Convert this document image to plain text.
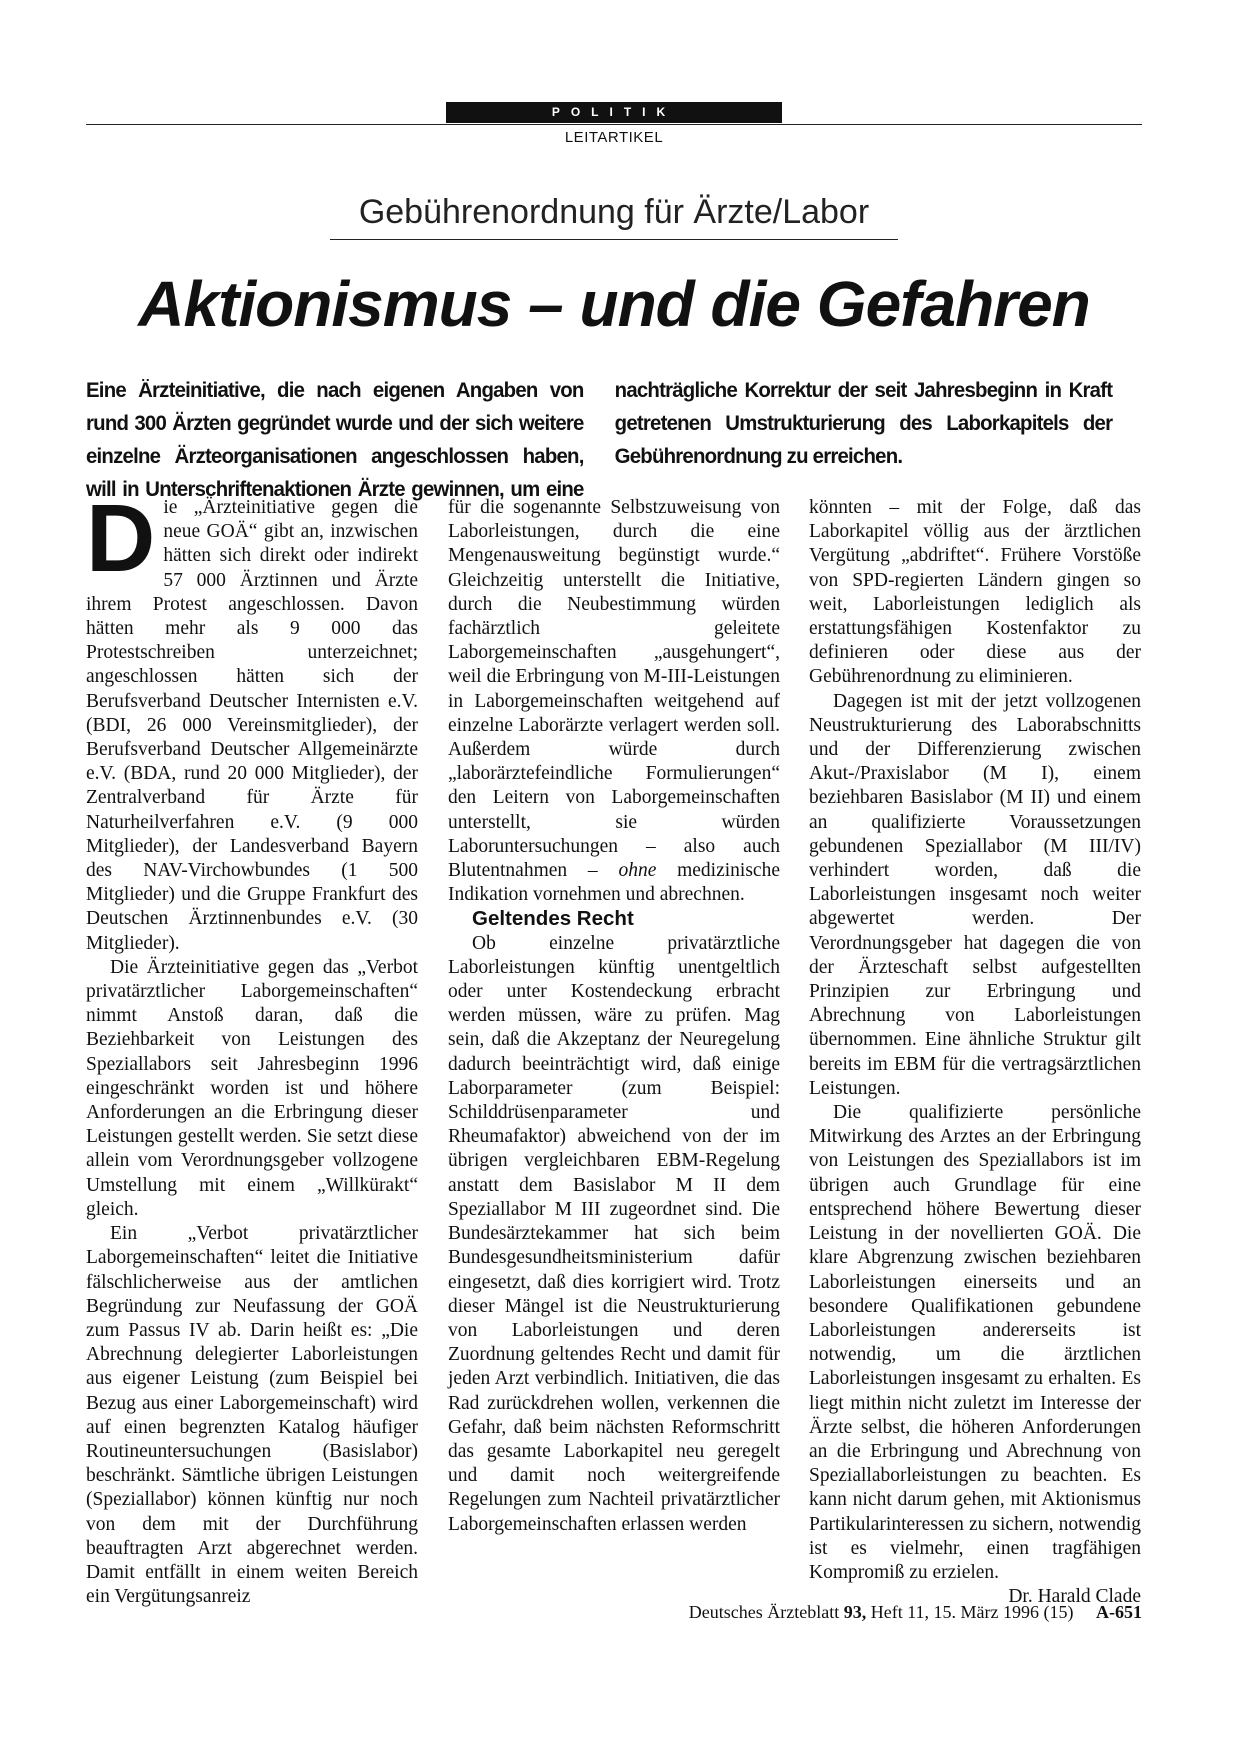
POLITIK
LEITARTIKEL
Gebührenordnung für Ärzte/Labor
Aktionismus – und die Gefahren
Eine Ärzteinitiative, die nach eigenen Angaben von rund 300 Ärzten gegründet wurde und der sich weitere einzelne Ärzteorganisationen angeschlossen haben, will in Unterschriftenaktionen Ärzte gewinnen, um eine nachträgliche Korrektur der seit Jahresbeginn in Kraft getretenen Umstrukturierung des Laborkapitels der Gebührenordnung zu erreichen.

Die „Ärzteinitiative gegen die neue GOÄ“ gibt an, inzwischen hätten sich direkt oder indirekt 57 000 Ärztinnen und Ärzte ihrem Protest angeschlossen. Davon hätten mehr als 9 000 das Protestschreiben unterzeichnet; angeschlossen hätten sich der Berufsverband Deutscher Internisten e.V. (BDI, 26 000 Vereinsmitglieder), der Berufsverband Deutscher Allgemeinärzte e.V. (BDA, rund 20 000 Mitglieder), der Zentralverband für Ärzte für Naturheilverfahren e.V. (9 000 Mitglieder), der Landesverband Bayern des NAV-Virchowbundes (1 500 Mitglieder) und die Gruppe Frankfurt des Deutschen Ärztinnenbundes e.V. (30 Mitglieder).

Die Ärzteinitiative gegen das „Verbot privatärztlicher Laborgemeinschaften“ nimmt Anstoß daran, daß die Beziehbarkeit von Leistungen des Speziallabors seit Jahresbeginn 1996 eingeschränkt worden ist und höhere Anforderungen an die Erbringung dieser Leistungen gestellt werden. Sie setzt diese allein vom Verordnungsgeber vollzogene Umstellung mit einem „Willkürakt“ gleich.

Ein „Verbot privatärztlicher Laborgemeinschaften“ leitet die Initiative fälschlicherweise aus der amtlichen Begründung zur Neufassung der GOÄ zum Passus IV ab. Darin heißt es: „Die Abrechnung delegierter Laborleistungen aus eigener Leistung (zum Beispiel bei Bezug aus einer Laborgemeinschaft) wird auf einen begrenzten Katalog häufiger Routineuntersuchungen (Basislabor) beschränkt. Sämtliche übrigen Leistungen (Speziallabor) können künftig nur noch von dem mit der Durchführung beauftragten Arzt abgerechnet werden. Damit entfällt in einem weiten Bereich ein Vergütungsanreiz

für die sogenannte Selbstzuweisung von Laborleistungen, durch die eine Mengenausweitung begünstigt wurde.“ Gleichzeitig unterstellt die Initiative, durch die Neubestimmung würden fachärztlich geleitete Laborgemeinschaften „ausgehungert“, weil die Erbringung von M-III-Leistungen in Laborgemeinschaften weitgehend auf einzelne Laborärzte verlagert werden soll. Außerdem würde durch „laborärztefeindliche Formulierungen“ den Leitern von Laborgemeinschaften unterstellt, sie würden Laboruntersuchungen – also auch Blutentnahmen – ohne medizinische Indikation vornehmen und abrechnen.

Geltendes Recht

Ob einzelne privatärztliche Laborleistungen künftig unentgeltlich oder unter Kostendeckung erbracht werden müssen, wäre zu prüfen. Mag sein, daß die Akzeptanz der Neuregelung dadurch beeinträchtigt wird, daß einige Laborparameter (zum Beispiel: Schilddrüsenparameter und Rheumafaktor) abweichend von der im übrigen vergleichbaren EBM-Regelung anstatt dem Basislabor M II dem Speziallabor M III zugeordnet sind. Die Bundesärztekammer hat sich beim Bundesgesundheitsministerium dafür eingesetzt, daß dies korrigiert wird. Trotz dieser Mängel ist die Neustrukturierung von Laborleistungen und deren Zuordnung geltendes Recht und damit für jeden Arzt verbindlich. Initiativen, die das Rad zurückdrehen wollen, verkennen die Gefahr, daß beim nächsten Reformschritt das gesamte Laborkapitel neu geregelt und damit noch weitergreifende Regelungen zum Nachteil privatärztlicher Laborgemeinschaften erlassen werden

könnten – mit der Folge, daß das Laborkapitel völlig aus der ärztlichen Vergütung „abdriftet“. Frühere Vorstöße von SPD-regierten Ländern gingen so weit, Laborleistungen lediglich als erstattungsfähigen Kostenfaktor zu definieren oder diese aus der Gebührenordnung zu eliminieren.

Dagegen ist mit der jetzt vollzogenen Neustrukturierung des Laborabschnitts und der Differenzierung zwischen Akut-/Praxislabor (M I), einem beziehbaren Basislabor (M II) und einem an qualifizierte Voraussetzungen gebundenen Speziallabor (M III/IV) verhindert worden, daß die Laborleistungen insgesamt noch weiter abgewertet werden. Der Verordnungsgeber hat dagegen die von der Ärzteschaft selbst aufgestellten Prinzipien zur Erbringung und Abrechnung von Laborleistungen übernommen. Eine ähnliche Struktur gilt bereits im EBM für die vertragsärztlichen Leistungen.

Die qualifizierte persönliche Mitwirkung des Arztes an der Erbringung von Leistungen des Speziallabors ist im übrigen auch Grundlage für eine entsprechend höhere Bewertung dieser Leistung in der novellierten GOÄ. Die klare Abgrenzung zwischen beziehbaren Laborleistungen einerseits und an besondere Qualifikationen gebundene Laborleistungen andererseits ist notwendig, um die ärztlichen Laborleistungen insgesamt zu erhalten. Es liegt mithin nicht zuletzt im Interesse der Ärzte selbst, die höheren Anforderungen an die Erbringung und Abrechnung von Speziallaborleistungen zu beachten. Es kann nicht darum gehen, mit Aktionismus Partikularinteressen zu sichern, notwendig ist es vielmehr, einen tragfähigen Kompromiß zu erzielen.

Dr. Harald Clade
Deutsches Ärzteblatt 93, Heft 11, 15. März 1996 (15) A-651
